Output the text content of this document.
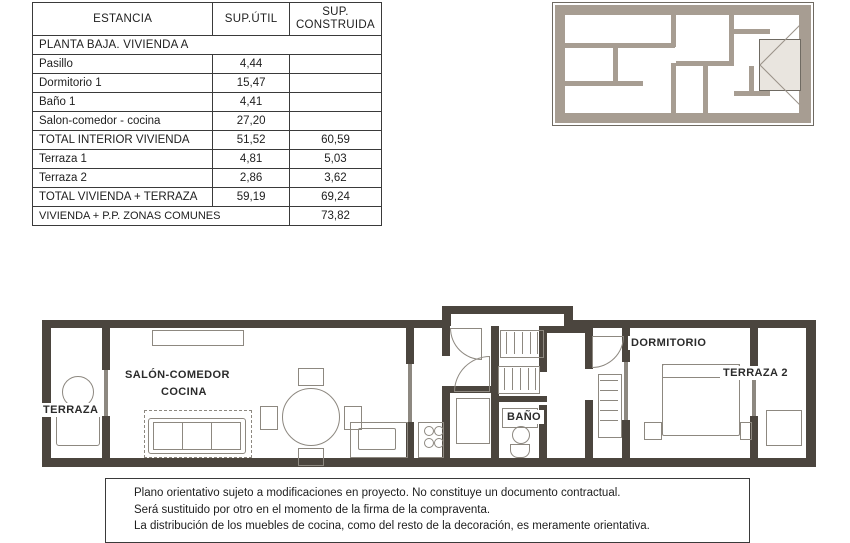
ESTANCIA	SUP.ÚTIL	SUP.
CONSTRUIDA
PLANTA BAJA. VIVIENDA A		
Pasillo	4,44	
Dormitorio 1	15,47	
Baño 1	4,41	
Salon-comedor - cocina	27,20	
TOTAL INTERIOR VIVIENDA	51,52	60,59
Terraza 1	4,81	5,03
Terraza 2	2,86	3,62
TOTAL VIVIENDA + TERRAZA	59,19	69,24
VIVIENDA + P.P. ZONAS COMUNES		73,82
TERRAZA
SALÓN-COMEDOR
COCINA
BAÑO
DORMITORIO
TERRAZA 2
Plano orientativo sujeto a modificaciones en proyecto. No constituye un documento contractual.
Será sustituido por otro en el momento de la firma de la compraventa.
La distribución de los muebles de cocina, como del resto de la decoración, es meramente orientativa.
